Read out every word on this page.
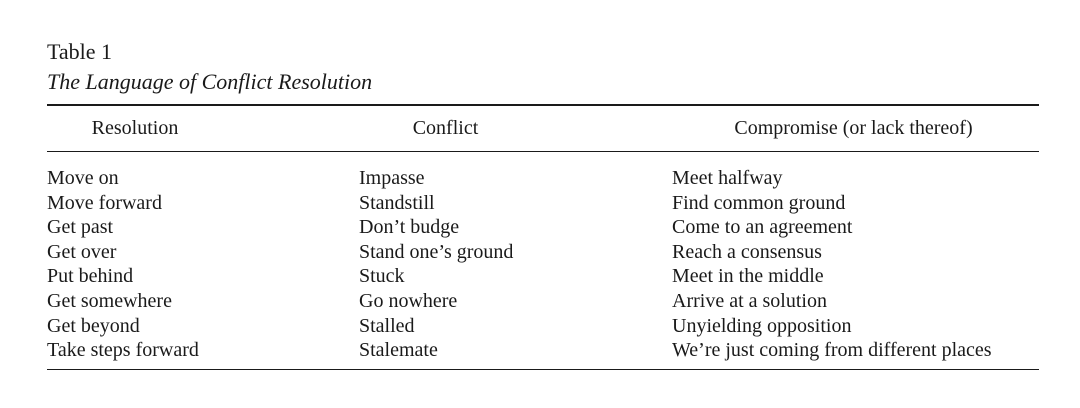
Table 1
The Language of Conflict Resolution
Resolution	Conflict	Compromise (or lack thereof)
Move on	Impasse	Meet halfway
Move forward	Standstill	Find common ground
Get past	Don’t budge	Come to an agreement
Get over	Stand one’s ground	Reach a consensus
Put behind	Stuck	Meet in the middle
Get somewhere	Go nowhere	Arrive at a solution
Get beyond	Stalled	Unyielding opposition
Take steps forward	Stalemate	We’re just coming from different places
